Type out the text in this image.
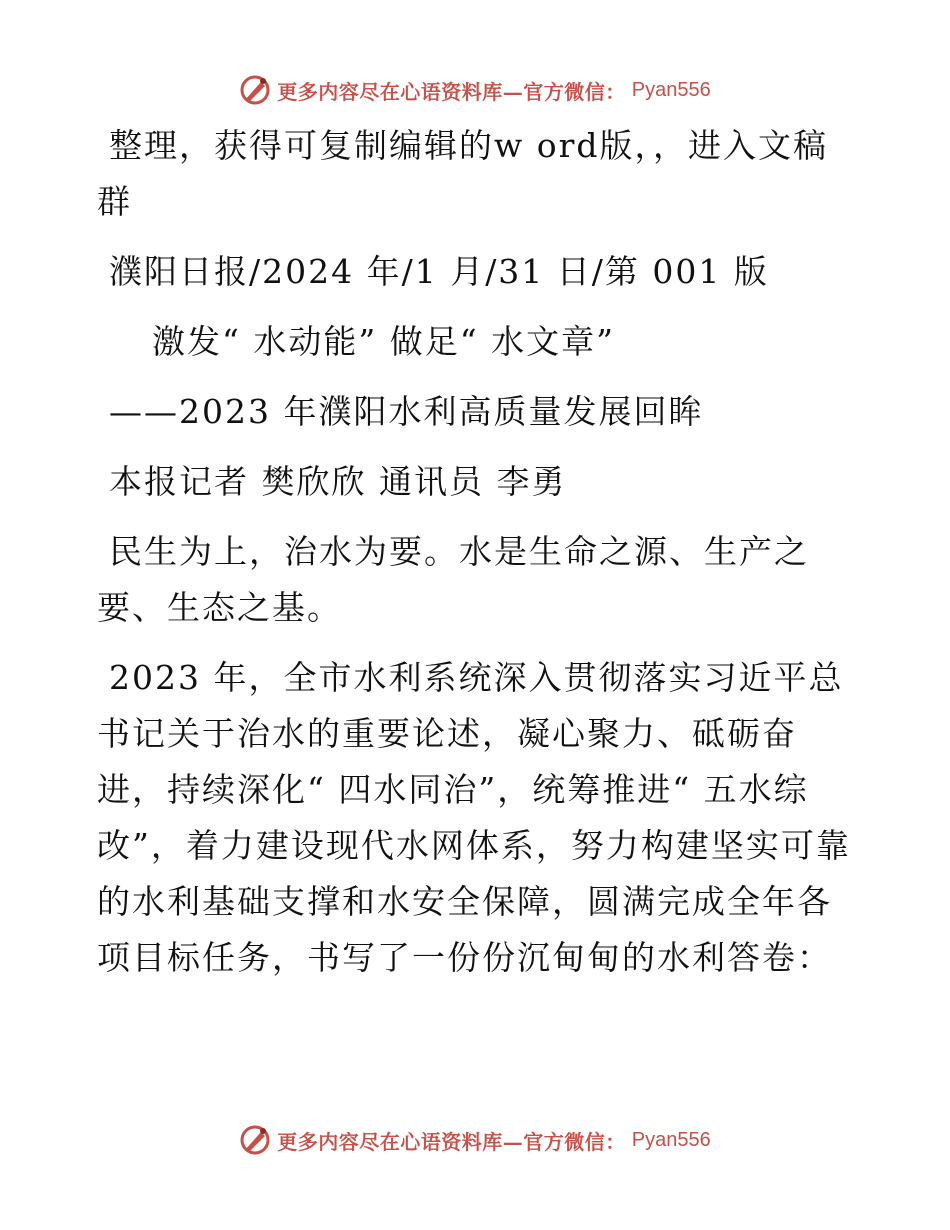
更多内容尽在心语资料库—官方微信： Pyan556

整理，获得可复制编辑的w ord版，，进入文稿群

濮阳日报/2024 年/1 月/31 日/第 001 版

激发“ 水动能” 做足“ 水文章”

——2023 年濮阳水利高质量发展回眸

本报记者 樊欣欣 通讯员 李勇

民生为上，治水为要。水是生命之源、生产之要、生态之基。

2023 年，全市水利系统深入贯彻落实习近平总书记关于治水的重要论述，凝心聚力、砥砺奋进，持续深化“ 四水同治”，统筹推进“ 五水综改”，着力建设现代水网体系，努力构建坚实可靠的水利基础支撑和水安全保障，圆满完成全年各项目标任务，书写了一份份沉甸甸的水利答卷：

更多内容尽在心语资料库—官方微信： Pyan556
